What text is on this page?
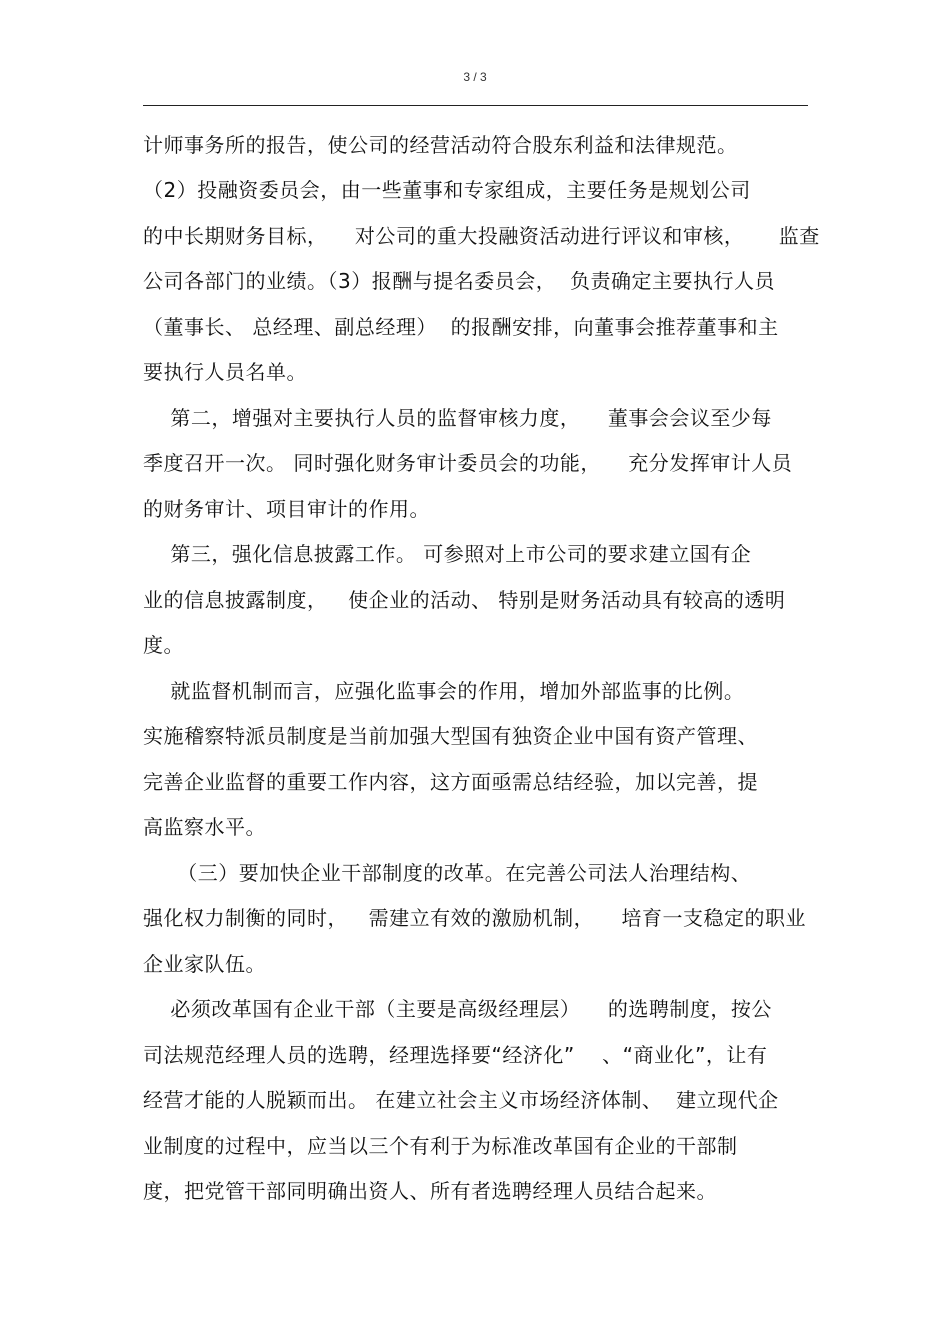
3 / 3
计师事务所的报告，使公司的经营活动符合股东利益和法律规范。
（2）投融资委员会，由一些董事和专家组成，主要任务是规划公司
的中长期财务目标，    对公司的重大投融资活动进行评议和审核，     监查
公司各部门的业绩。（3）报酬与提名委员会，  负责确定主要执行人员
（董事长、 总经理、副总经理）  的报酬安排，向董事会推荐董事和主
要执行人员名单。
第二，增强对主要执行人员的监督审核力度，    董事会会议至少每
季度召开一次。 同时强化财务审计委员会的功能，    充分发挥审计人员
的财务审计、项目审计的作用。
第三，强化信息披露工作。 可参照对上市公司的要求建立国有企
业的信息披露制度，   使企业的活动、 特别是财务活动具有较高的透明
度。
就监督机制而言，应强化监事会的作用，增加外部监事的比例。
实施稽察特派员制度是当前加强大型国有独资企业中国有资产管理、
完善企业监督的重要工作内容，这方面亟需总结经验，加以完善，提
高监察水平。
（三）要加快企业干部制度的改革。在完善公司法人治理结构、
强化权力制衡的同时，   需建立有效的激励机制，    培育一支稳定的职业
企业家队伍。
必须改革国有企业干部（主要是高级经理层）    的选聘制度，按公
司法规范经理人员的选聘，经理选择要“经济化”    、“商业化”，让有
经营才能的人脱颖而出。 在建立社会主义市场经济体制、  建立现代企
业制度的过程中，应当以三个有利于为标准改革国有企业的干部制
度，把党管干部同明确出资人、所有者选聘经理人员结合起来。
